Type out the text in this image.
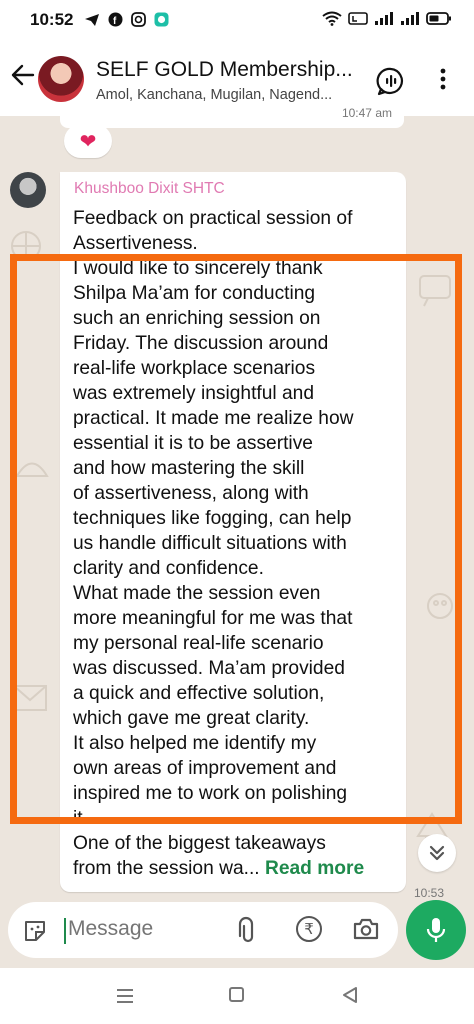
10:52	f
SELF GOLD Membership...
Amol, Kanchana, Mugilan, Nagend...
10:47 am
❤
Khushboo Dixit SHTC
Feedback on practical session of
Assertiveness.
I would like to sincerely thank
Shilpa Ma’am for conducting
such an enriching session on
Friday. The discussion around
real-life workplace scenarios
was extremely insightful and
practical. It made me realize how
essential it is to be assertive
and how mastering the skill
of assertiveness, along with
techniques like fogging, can help
us handle difficult situations with
clarity and confidence.
What made the session even
more meaningful for me was that
my personal real-life scenario
was discussed. Ma’am provided
a quick and effective solution,
which gave me great clarity.
It also helped me identify my
own areas of improvement and
inspired me to work on polishing
it.
One of the biggest takeaways
from the session wa... Read more
10:53
Message
₹
